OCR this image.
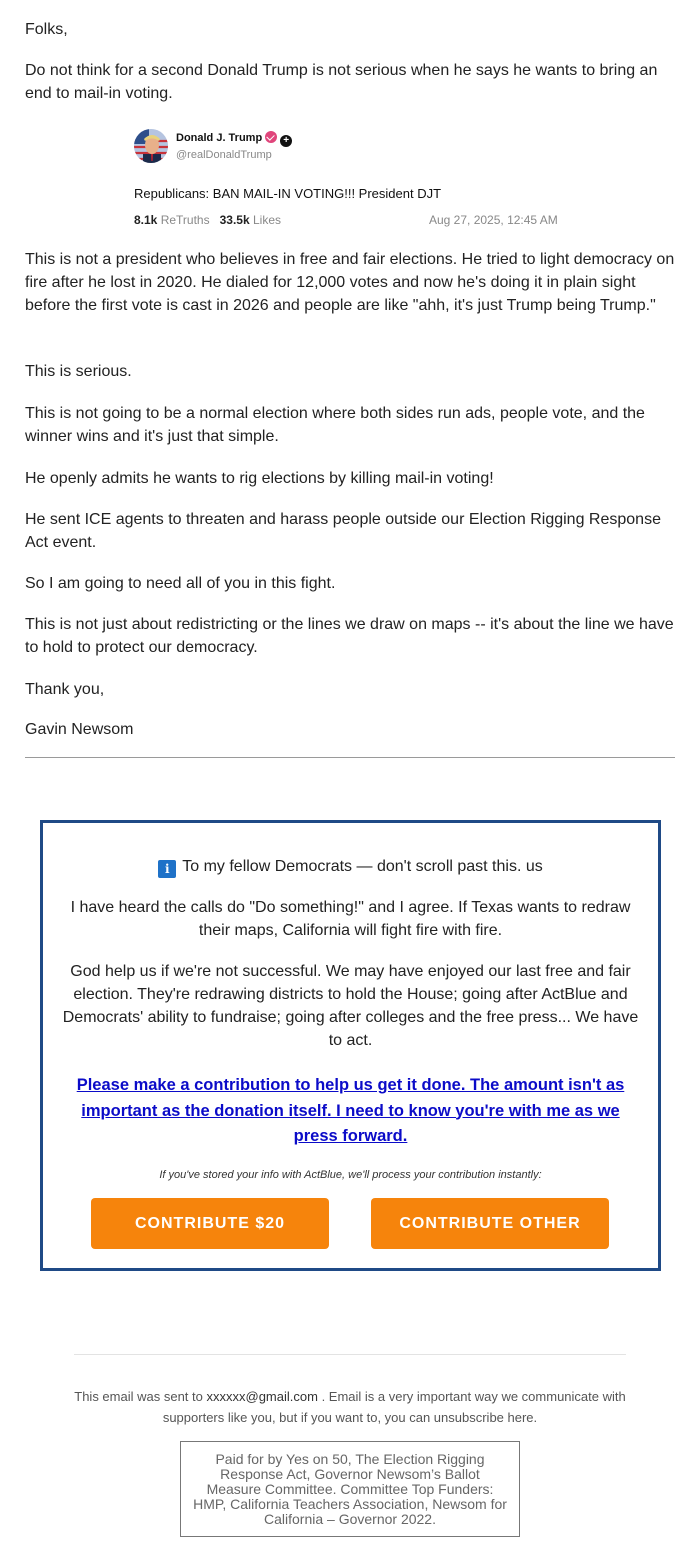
Folks,

Do not think for a second Donald Trump is not serious when he says he wants to bring an end to mail-in voting.

Donald J. Trump +
@realDonaldTrump
Republicans: BAN MAIL-IN VOTING!!! President DJT
8.1k ReTruths 33.5k Likes	Aug 27, 2025, 12:45 AM

This is not a president who believes in free and fair elections. He tried to light democracy on fire after he lost in 2020. He dialed for 12,000 votes and now he's doing it in plain sight before the first vote is cast in 2026 and people are like "ahh, it's just Trump being Trump."

This is serious.

This is not going to be a normal election where both sides run ads, people vote, and the winner wins and it's just that simple.

He openly admits he wants to rig elections by killing mail-in voting!

He sent ICE agents to threaten and harass people outside our Election Rigging Response Act event.

So I am going to need all of you in this fight.

This is not just about redistricting or the lines we draw on maps -- it's about the line we have to hold to protect our democracy.

Thank you,

Gavin Newsom

i To my fellow Democrats — don't scroll past this. us
I have heard the calls do "Do something!" and I agree. If Texas wants to redraw their maps, California will fight fire with fire.
God help us if we're not successful. We may have enjoyed our last free and fair election. They're redrawing districts to hold the House; going after ActBlue and Democrats' ability to fundraise; going after colleges and the free press... We have to act.
Please make a contribution to help us get it done. The amount isn't as important as the donation itself. I need to know you're with me as we press forward.
If you've stored your info with ActBlue, we'll process your contribution instantly:
CONTRIBUTE $20	CONTRIBUTE OTHER
This email was sent to xxxxxx@gmail.com . Email is a very important way we communicate with supporters like you, but if you want to, you can unsubscribe here.
Paid for by Yes on 50, The Election Rigging Response Act, Governor Newsom’s Ballot Measure Committee. Committee Top Funders: HMP, California Teachers Association, Newsom for California – Governor 2022.
